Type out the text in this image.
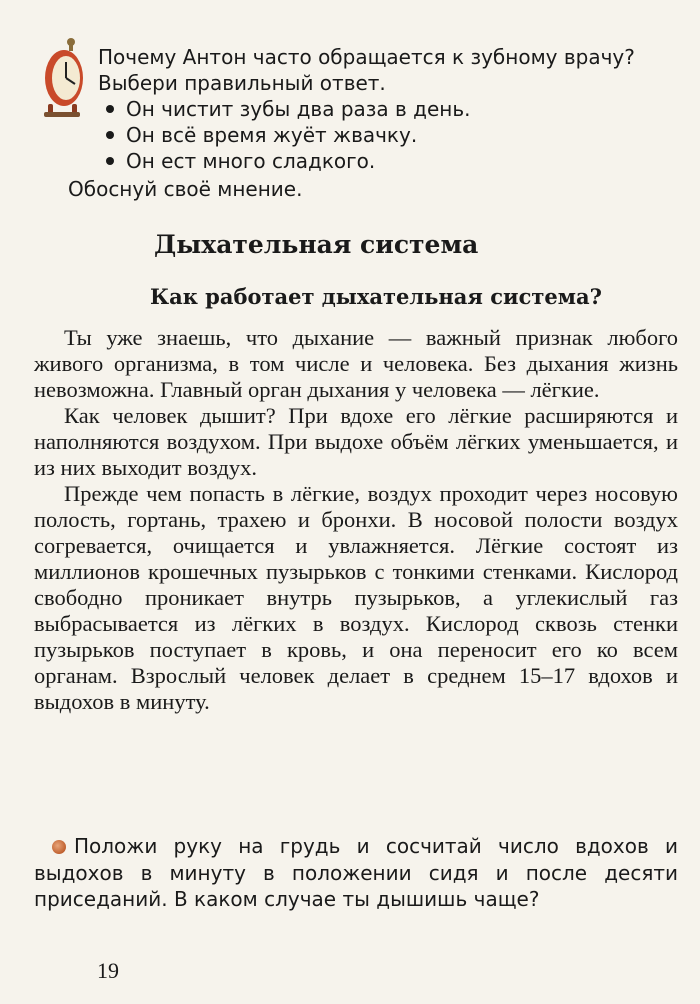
Почему Антон часто обращается к зубному врачу? Выбери правильный ответ.

Он чистит зубы два раза в день.
Он всё время жуёт жвачку.
Он ест много сладкого.
Обоснуй своё мнение.
Дыхательная система
Как работает дыхательная система?

Ты уже знаешь, что дыхание — важный признак любого живого организма, в том числе и человека. Без дыхания жизнь невозможна. Главный орган дыхания у человека — лёгкие.

Как человек дышит? При вдохе его лёгкие расширяются и наполняются воздухом. При выдохе объём лёгких уменьшается, и из них выходит воздух.

Прежде чем попасть в лёгкие, воздух проходит через носовую полость, гортань, трахею и бронхи. В носовой полости воздух согревается, очищается и увлажняется. Лёгкие состоят из миллионов крошечных пузырьков с тонкими стенками. Кислород свободно проникает внутрь пузырьков, а углекислый газ выбрасывается из лёгких в воздух. Кислород сквозь стенки пузырьков поступает в кровь, и она переносит его ко всем органам. Взрослый человек делает в среднем 15–17 вдохов и выдохов в минуту.

Положи руку на грудь и сосчитай число вдохов и выдохов в минуту в положении сидя и после десяти приседаний. В каком случае ты дышишь чаще?

19
